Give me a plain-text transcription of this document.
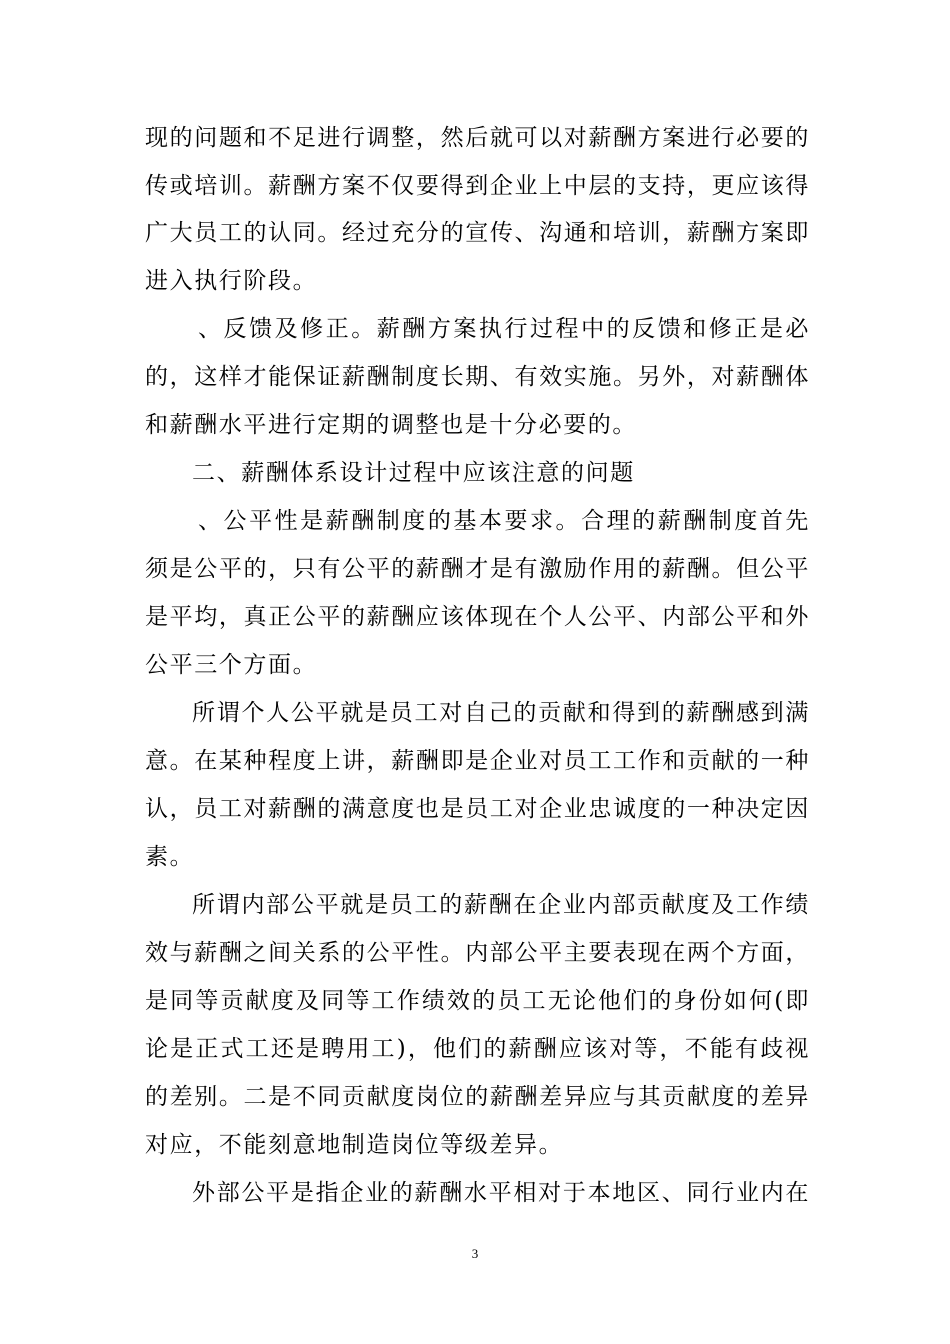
现的问题和不足进行调整，然后就可以对薪酬方案进行必要的
传或培训。薪酬方案不仅要得到企业上中层的支持，更应该得
广大员工的认同。经过充分的宣传、沟通和培训，薪酬方案即
进入执行阶段。
、反馈及修正。薪酬方案执行过程中的反馈和修正是必
的，这样才能保证薪酬制度长期、有效实施。另外，对薪酬体
和薪酬水平进行定期的调整也是十分必要的。
二、薪酬体系设计过程中应该注意的问题
、公平性是薪酬制度的基本要求。合理的薪酬制度首先
须是公平的，只有公平的薪酬才是有激励作用的薪酬。但公平
是平均，真正公平的薪酬应该体现在个人公平、内部公平和外
公平三个方面。
所谓个人公平就是员工对自己的贡献和得到的薪酬感到满
意。在某种程度上讲，薪酬即是企业对员工工作和贡献的一种
认，员工对薪酬的满意度也是员工对企业忠诚度的一种决定因
素。
所谓内部公平就是员工的薪酬在企业内部贡献度及工作绩
效与薪酬之间关系的公平性。内部公平主要表现在两个方面，
是同等贡献度及同等工作绩效的员工无论他们的身份如何(即
论是正式工还是聘用工)，他们的薪酬应该对等，不能有歧视
的差别。二是不同贡献度岗位的薪酬差异应与其贡献度的差异
对应，不能刻意地制造岗位等级差异。
外部公平是指企业的薪酬水平相对于本地区、同行业内在
3
